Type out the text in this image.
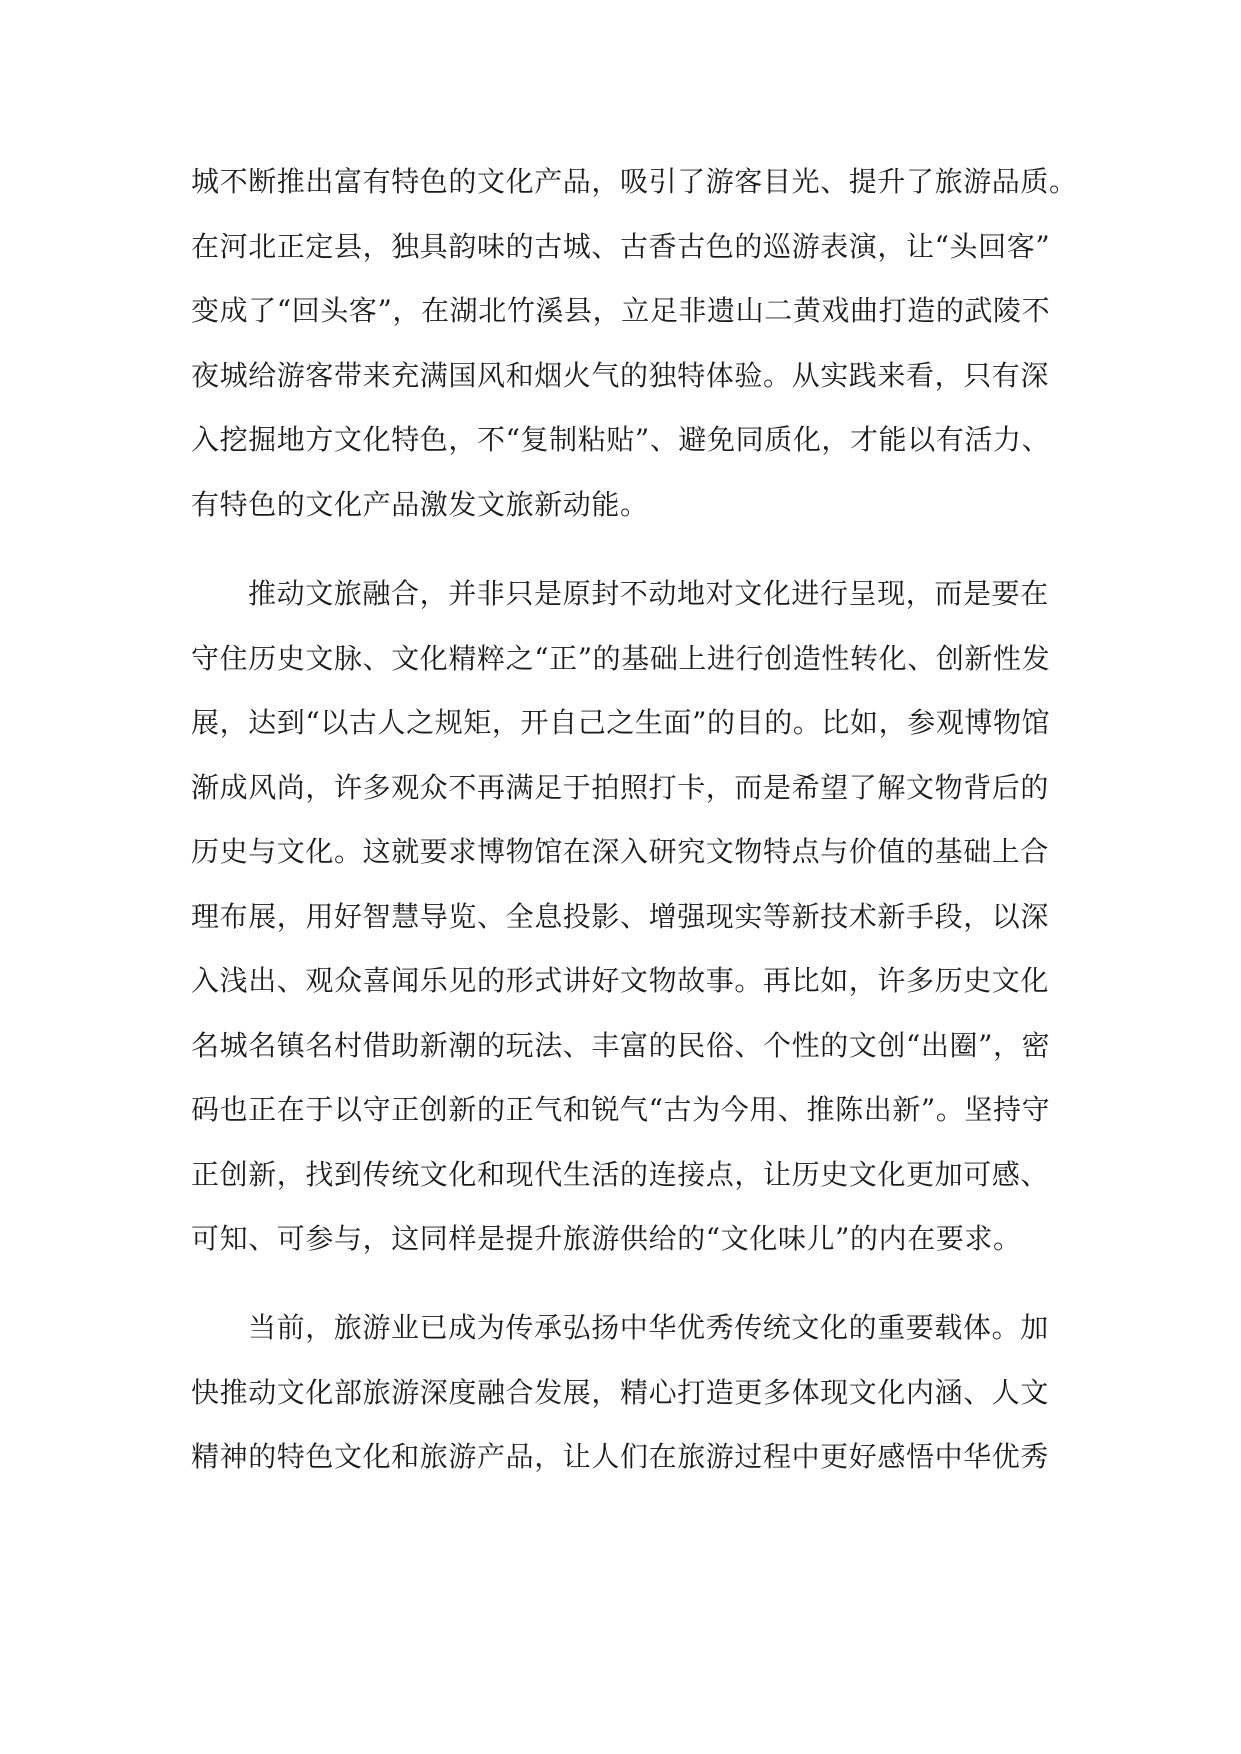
城不断推出富有特色的文化产品，吸引了游客目光、提升了旅游品质。
在河北正定县，独具韵味的古城、古香古色的巡游表演，让“头回客”
变成了“回头客”，在湖北竹溪县，立足非遗山二黄戏曲打造的武陵不
夜城给游客带来充满国风和烟火气的独特体验。从实践来看，只有深
入挖掘地方文化特色，不“复制粘贴”、避免同质化，才能以有活力、
有特色的文化产品激发文旅新动能。
推动文旅融合，并非只是原封不动地对文化进行呈现，而是要在
守住历史文脉、文化精粹之“正”的基础上进行创造性转化、创新性发
展，达到“以古人之规矩，开自己之生面”的目的。比如，参观博物馆
渐成风尚，许多观众不再满足于拍照打卡，而是希望了解文物背后的
历史与文化。这就要求博物馆在深入研究文物特点与价值的基础上合
理布展，用好智慧导览、全息投影、增强现实等新技术新手段，以深
入浅出、观众喜闻乐见的形式讲好文物故事。再比如，许多历史文化
名城名镇名村借助新潮的玩法、丰富的民俗、个性的文创“出圈”，密
码也正在于以守正创新的正气和锐气“古为今用、推陈出新”。坚持守
正创新，找到传统文化和现代生活的连接点，让历史文化更加可感、
可知、可参与，这同样是提升旅游供给的“文化味儿”的内在要求。
当前，旅游业已成为传承弘扬中华优秀传统文化的重要载体。加
快推动文化部旅游深度融合发展，精心打造更多体现文化内涵、人文
精神的特色文化和旅游产品，让人们在旅游过程中更好感悟中华优秀
